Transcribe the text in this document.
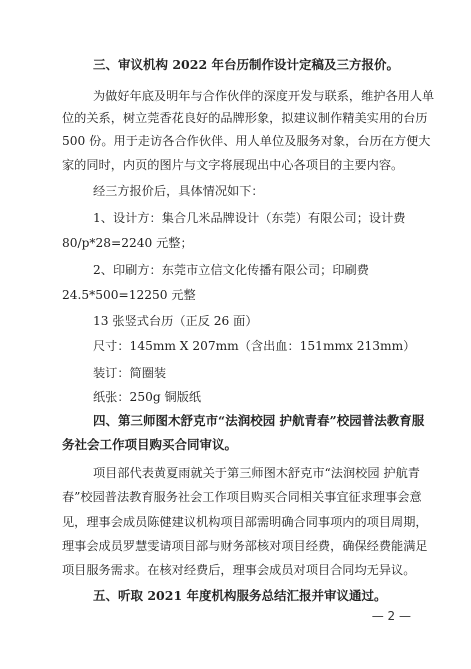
三、审议机构 2022 年台历制作设计定稿及三方报价。
为做好年底及明年与合作伙伴的深度开发与联系，维护各用人单
位的关系，树立莞香花良好的品牌形象，拟建议制作精美实用的台历
500 份。用于走访各合作伙伴、用人单位及服务对象，台历在方便大
家的同时，内页的图片与文字将展现出中心各项目的主要内容。
经三方报价后，具体情况如下：
1、设计方：集合几米品牌设计（东莞）有限公司；设计费
80/p*28=2240 元整；
2、印刷方：东莞市立信文化传播有限公司；印刷费
24.5*500=12250 元整
13 张竖式台历（正反 26 面）
尺寸：145mm X 207mm（含出血：151mmx 213mm）
装订：简圈装
纸张：250g 铜版纸
四、第三师图木舒克市“法润校园 护航青春”校园普法教育服
务社会工作项目购买合同审议。
项目部代表黄夏雨就关于第三师图木舒克市“法润校园 护航青
春”校园普法教育服务社会工作项目购买合同相关事宜征求理事会意
见，理事会成员陈健建议机构项目部需明确合同事项内的项目周期，
理事会成员罗慧雯请项目部与财务部核对项目经费，确保经费能满足
项目服务需求。在核对经费后，理事会成员对项目合同均无异议。
五、听取 2021 年度机构服务总结汇报并审议通过。
— 2 —
